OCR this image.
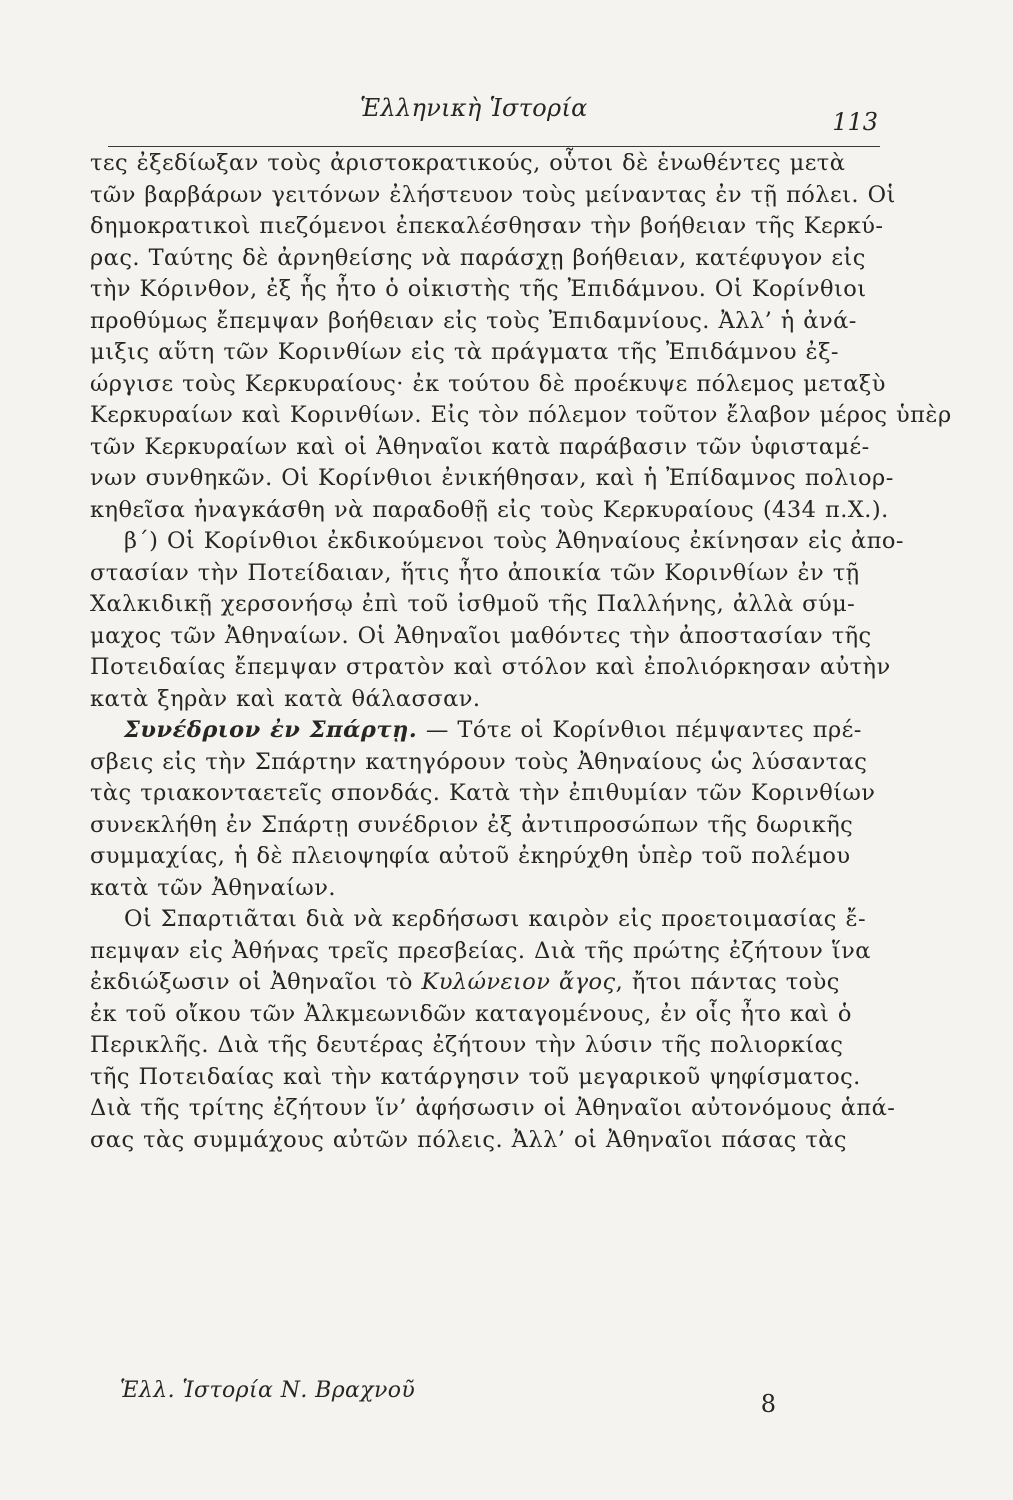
Ἑλληνικὴ Ἱστορία	113

τες ἐξεδίωξαν τοὺς ἀριστοκρατικούς, οὗτοι δὲ ἑνωθέντες μετὰ
τῶν βαρβάρων γειτόνων ἐλήστευον τοὺς μείναντας ἐν τῇ πόλει. Οἱ
δημοκρατικοὶ πιεζόμενοι ἐπεκαλέσθησαν τὴν βοήθειαν τῆς Κερκύ-
ρας. Ταύτης δὲ ἀρνηθείσης νὰ παράσχῃ βοήθειαν, κατέφυγον εἰς
τὴν Κόρινθον, ἐξ ἧς ἦτο ὁ οἰκιστὴς τῆς Ἐπιδάμνου. Οἱ Κορίνθιοι
προθύμως ἔπεμψαν βοήθειαν εἰς τοὺς Ἐπιδαμνίους. Ἀλλ’ ἡ ἀνά-
μιξις αὕτη τῶν Κορινθίων εἰς τὰ πράγματα τῆς Ἐπιδάμνου ἐξ-
ώργισε τοὺς Κερκυραίους· ἐκ τούτου δὲ προέκυψε πόλεμος μεταξὺ
Κερκυραίων καὶ Κορινθίων. Εἰς τὸν πόλεμον τοῦτον ἔλαβον μέρος ὑπὲρ
τῶν Κερκυραίων καὶ οἱ Ἀθηναῖοι κατὰ παράβασιν τῶν ὑφισταμέ-
νων συνθηκῶν. Οἱ Κορίνθιοι ἐνικήθησαν, καὶ ἡ Ἐπίδαμνος πολιορ-
κηθεῖσα ἠναγκάσθη νὰ παραδοθῇ εἰς τοὺς Κερκυραίους (434 π.Χ.).

β΄) Οἱ Κορίνθιοι ἐκδικούμενοι τοὺς Ἀθηναίους ἐκίνησαν εἰς ἀπο-
στασίαν τὴν Ποτείδαιαν, ἥτις ἦτο ἀποικία τῶν Κορινθίων ἐν τῇ
Χαλκιδικῇ χερσονήσῳ ἐπὶ τοῦ ἰσθμοῦ τῆς Παλλήνης, ἀλλὰ σύμ-
μαχος τῶν Ἀθηναίων. Οἱ Ἀθηναῖοι μαθόντες τὴν ἀποστασίαν τῆς
Ποτειδαίας ἔπεμψαν στρατὸν καὶ στόλον καὶ ἐπολιόρκησαν αὐτὴν
κατὰ ξηρὰν καὶ κατὰ θάλασσαν.

Συνέδριον ἐν Σπάρτῃ. — Τότε οἱ Κορίνθιοι πέμψαντες πρέ-
σβεις εἰς τὴν Σπάρτην κατηγόρουν τοὺς Ἀθηναίους ὡς λύσαντας
τὰς τριακονταετεῖς σπονδάς. Κατὰ τὴν ἐπιθυμίαν τῶν Κορινθίων
συνεκλήθη ἐν Σπάρτῃ συνέδριον ἐξ ἀντιπροσώπων τῆς δωρικῆς
συμμαχίας, ἡ δὲ πλειοψηφία αὐτοῦ ἐκηρύχθη ὑπὲρ τοῦ πολέμου
κατὰ τῶν Ἀθηναίων.

Οἱ Σπαρτιᾶται διὰ νὰ κερδήσωσι καιρὸν εἰς προετοιμασίας ἔ-
πεμψαν εἰς Ἀθήνας τρεῖς πρεσβείας. Διὰ τῆς πρώτης ἐζήτουν ἵνα
ἐκδιώξωσιν οἱ Ἀθηναῖοι τὸ Κυλώνειον ἄγος, ἤτοι πάντας τοὺς
ἐκ τοῦ οἴκου τῶν Ἀλκμεωνιδῶν καταγομένους, ἐν οἷς ἦτο καὶ ὁ
Περικλῆς. Διὰ τῆς δευτέρας ἐζήτουν τὴν λύσιν τῆς πολιορκίας
τῆς Ποτειδαίας καὶ τὴν κατάργησιν τοῦ μεγαρικοῦ ψηφίσματος.
Διὰ τῆς τρίτης ἐζήτουν ἵν’ ἀφήσωσιν οἱ Ἀθηναῖοι αὐτονόμους ἁπά-
σας τὰς συμμάχους αὐτῶν πόλεις. Ἀλλ’ οἱ Ἀθηναῖοι πάσας τὰς

Ἑλλ. Ἱστορία Ν. Βραχνοῦ	8
